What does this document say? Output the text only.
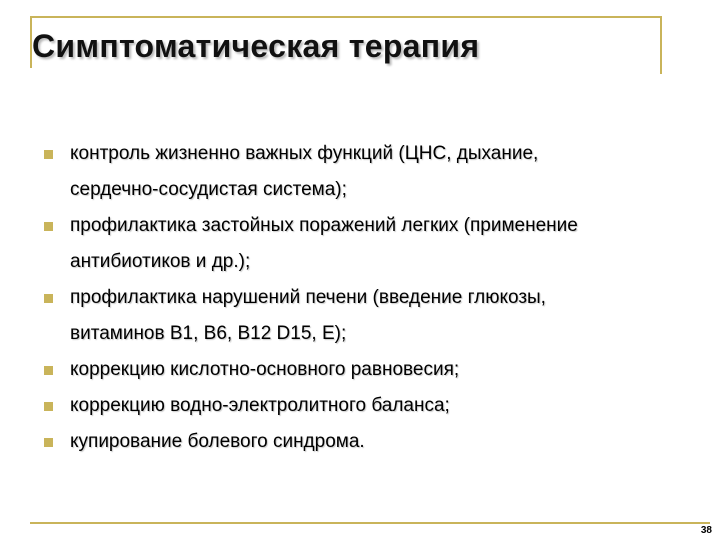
Симптоматическая терапия
контроль жизненно важных функций (ЦНС, дыхание,
сердечно-сосудистая система);
профилактика застойных поражений легких (применение
антибиотиков и др.);
профилактика нарушений печени (введение глюкозы,
витаминов В1, В6, В12 D15, Е);
коррекцию кислотно-основного равновесия;
коррекцию водно-электролитного баланса;
купирование болевого синдрома.
38
